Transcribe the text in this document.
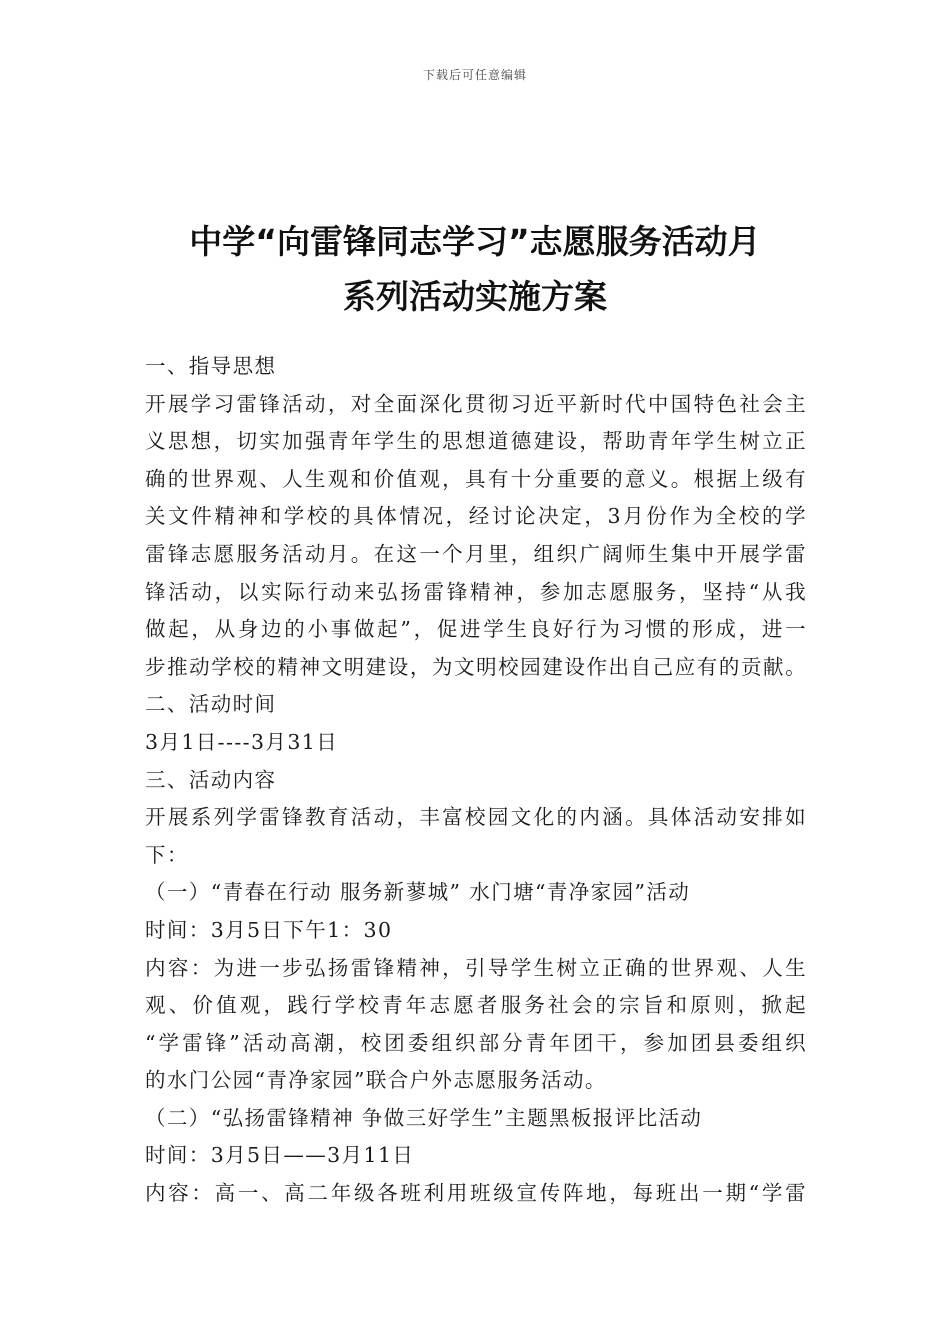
下载后可任意编辑
中学“向雷锋同志学习”志愿服务活动月
系列活动实施方案
一、指导思想
开展学习雷锋活动，对全面深化贯彻习近平新时代中国特色社会主
义思想，切实加强青年学生的思想道德建设，帮助青年学生树立正
确的世界观、人生观和价值观，具有十分重要的意义。根据上级有
关文件精神和学校的具体情况，经讨论决定，3月份作为全校的学
雷锋志愿服务活动月。在这一个月里，组织广阔师生集中开展学雷
锋活动，以实际行动来弘扬雷锋精神，参加志愿服务，坚持“从我
做起，从身边的小事做起”，促进学生良好行为习惯的形成，进一
步推动学校的精神文明建设，为文明校园建设作出自己应有的贡献。
二、活动时间
3月1日----3月31日
三、活动内容
开展系列学雷锋教育活动，丰富校园文化的内涵。具体活动安排如
下：
（一）“青春在行动 服务新蓼城” 水门塘“青净家园”活动
时间：3月5日下午1：30
内容：为进一步弘扬雷锋精神，引导学生树立正确的世界观、人生
观、价值观，践行学校青年志愿者服务社会的宗旨和原则，掀起
“学雷锋”活动高潮，校团委组织部分青年团干，参加团县委组织
的水门公园“青净家园”联合户外志愿服务活动。
（二）“弘扬雷锋精神 争做三好学生”主题黑板报评比活动
时间：3月5日——3月11日
内容：高一、高二年级各班利用班级宣传阵地，每班出一期“学雷
